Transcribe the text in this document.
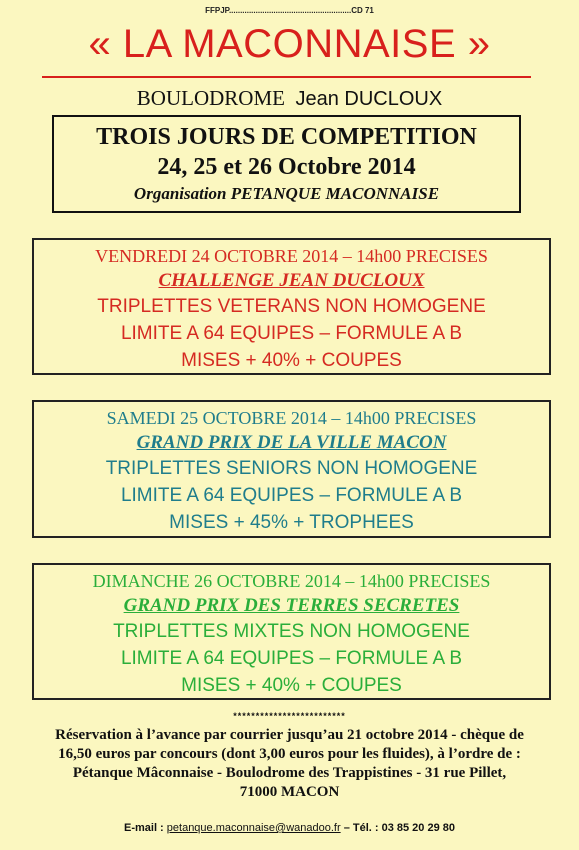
FFPJP.......................................................CD 71
« LA MACONNAISE »
BOULODROME Jean DUCLOUX
TROIS JOURS DE COMPETITION
24, 25 et 26 Octobre 2014
Organisation PETANQUE MACONNAISE
VENDREDI 24 OCTOBRE 2014 – 14h00 PRECISES
CHALLENGE JEAN DUCLOUX
TRIPLETTES VETERANS NON HOMOGENE
LIMITE A 64 EQUIPES – FORMULE A B
MISES + 40% + COUPES
SAMEDI 25 OCTOBRE 2014 – 14h00 PRECISES
GRAND PRIX DE LA VILLE MACON
TRIPLETTES SENIORS NON HOMOGENE
LIMITE A 64 EQUIPES – FORMULE A B
MISES + 45% + TROPHEES
DIMANCHE 26 OCTOBRE 2014 – 14h00 PRECISES
GRAND PRIX DES TERRES SECRETES
TRIPLETTES MIXTES NON HOMOGENE
LIMITE A 64 EQUIPES – FORMULE A B
MISES + 40% + COUPES
*************************
Réservation à l’avance par courrier jusqu’au 21 octobre 2014 - chèque de
16,50 euros par concours (dont 3,00 euros pour les fluides), à l’ordre de :
Pétanque Mâconnaise - Boulodrome des Trappistines - 31 rue Pillet,
71000 MACON
E-mail : petanque.maconnaise@wanadoo.fr – Tél. : 03 85 20 29 80
